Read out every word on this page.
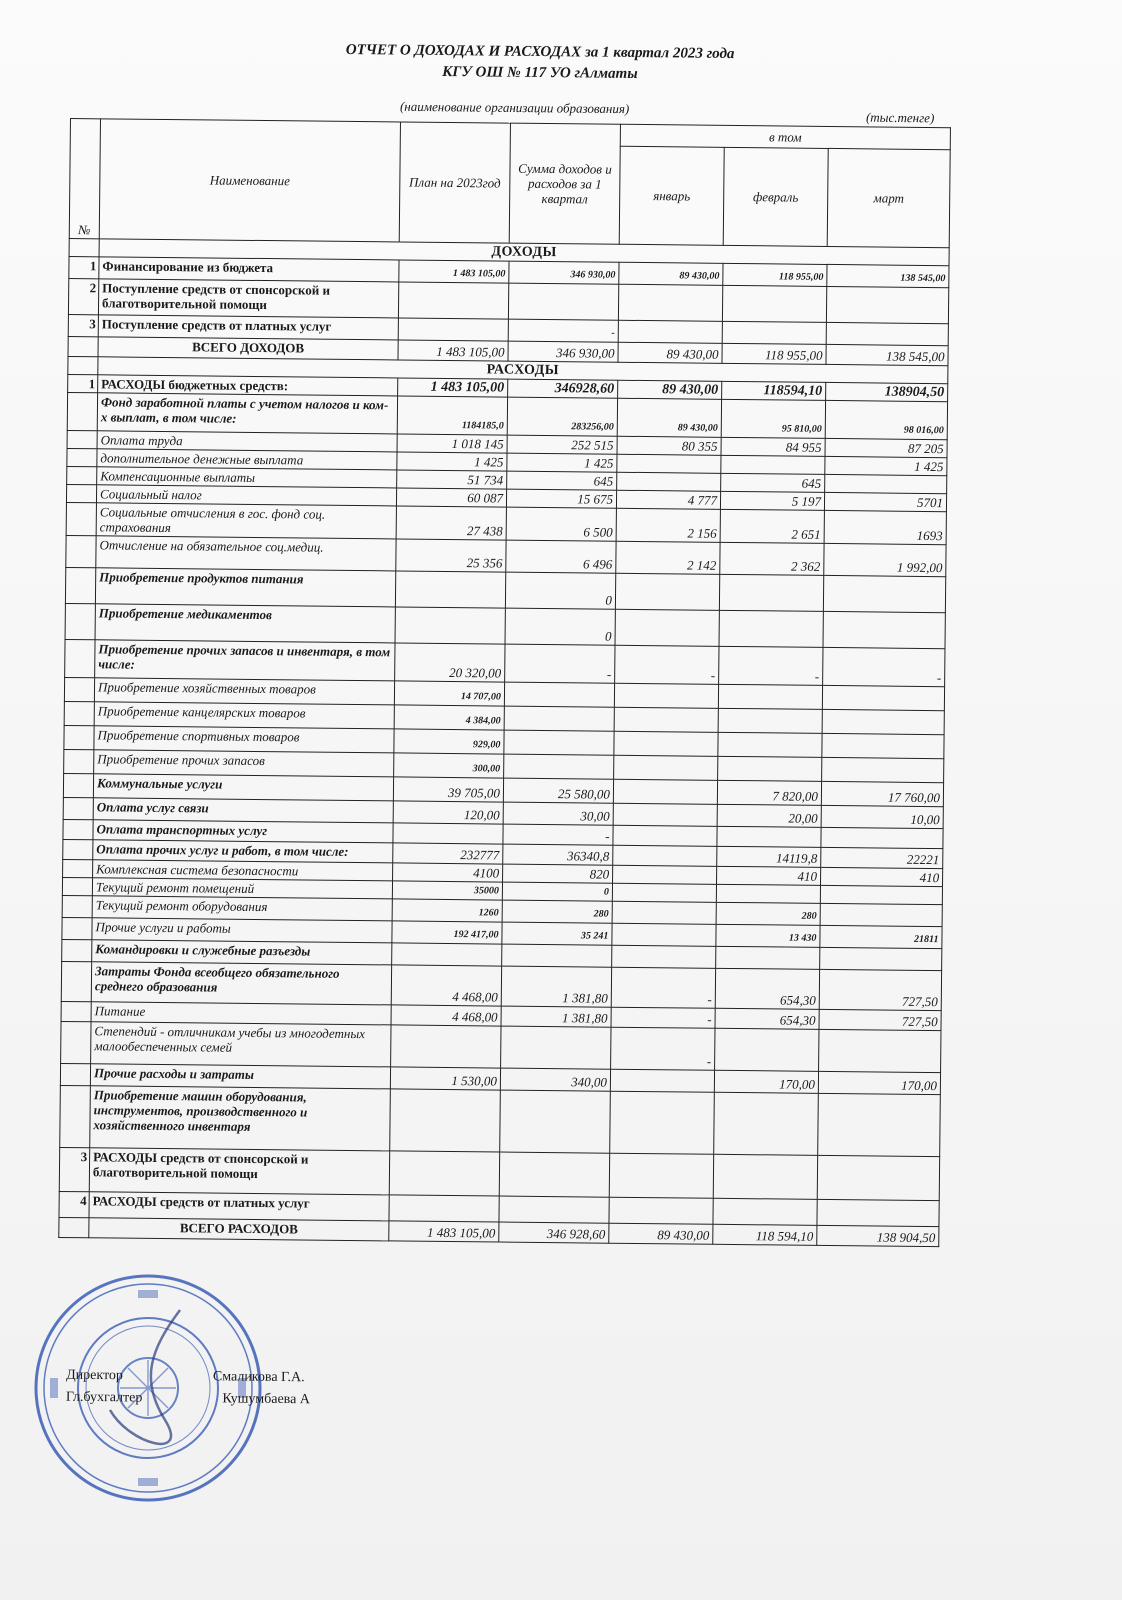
ОТЧЕТ О ДОХОДАХ И РАСХОДАХ за 1 квартал 2023 года
КГУ ОШ № 117 УО гАлматы
(наименование организации образования)
(тыс.тенге)
№	Наименование	План на 2023год	Сумма доходов и расходов за 1 квартал	в том		
				январь	февраль	март
	ДОХОДЫ					
1	Финансирование из бюджета	1 483 105,00	346 930,00	89 430,00	118 955,00	138 545,00
2	Поступление средств от спонсорской и благотворительной помощи					
3	Поступление средств от платных услуг		-			
	ВСЕГО ДОХОДОВ	1 483 105,00	346 930,00	89 430,00	118 955,00	138 545,00
	РАСХОДЫ					
1	РАСХОДЫ бюджетных средств:	1 483 105,00	346928,60	89 430,00	118594,10	138904,50
	Фонд заработной платы с учетом налогов и ком-х выплат, в том числе:	1184185,0	283256,00	89 430,00	95 810,00	98 016,00
	Оплата труда	1 018 145	252 515	80 355	84 955	87 205
	дополнительное денежные выплата	1 425	1 425			1 425
	Компенсационные выплаты	51 734	645		645	
	Социальный налог	60 087	15 675	4 777	5 197	5701
	Социальные отчисления в гос. фонд соц. страхования	27 438	6 500	2 156	2 651	1693
	Отчисление на обязательное соц.медиц.	25 356	6 496	2 142	2 362	1 992,00
	Приобретение продуктов питания		0			
	Приобретение медикаментов		0			
	Приобретение прочих запасов и инвентаря, в том числе:	20 320,00	-	-	-	-
	Приобретение хозяйственных товаров	14 707,00				
	Приобретение канцелярских товаров	4 384,00				
	Приобретение спортивных товаров	929,00				
	Приобретение прочих запасов	300,00				
	Коммунальные услуги	39 705,00	25 580,00		7 820,00	17 760,00
	Оплата услуг связи	120,00	30,00		20,00	10,00
	Оплата транспортных услуг		-			
	Оплата прочих услуг и работ, в том числе:	232777	36340,8		14119,8	22221
	Комплексная система безопасности	4100	820		410	410
	Текущий ремонт помещений	35000	0			
	Текущий ремонт оборудования	1260	280		280	
	Прочие услуги и работы	192 417,00	35 241		13 430	21811
	Командировки и служебные разъезды					
	Затраты Фонда всеобщего обязательного среднего образования	4 468,00	1 381,80	-	654,30	727,50
	Питание	4 468,00	1 381,80	-	654,30	727,50
	Степендий - отличникам учебы из многодетных малообеспеченных семей			-		
	Прочие расходы и затраты	1 530,00	340,00		170,00	170,00
	Приобретение машин оборудования, инструментов, производственного и хозяйственного инвентаря					
3	РАСХОДЫ средств от спонсорской и благотворительной помощи					
4	РАСХОДЫ средств от платных услуг					
	ВСЕГО РАСХОДОВ	1 483 105,00	346 928,60	89 430,00	118 594,10	138 904,50
Директор	Смаликова Г.А.
Гл.бухгалтер	Кушумбаева А
